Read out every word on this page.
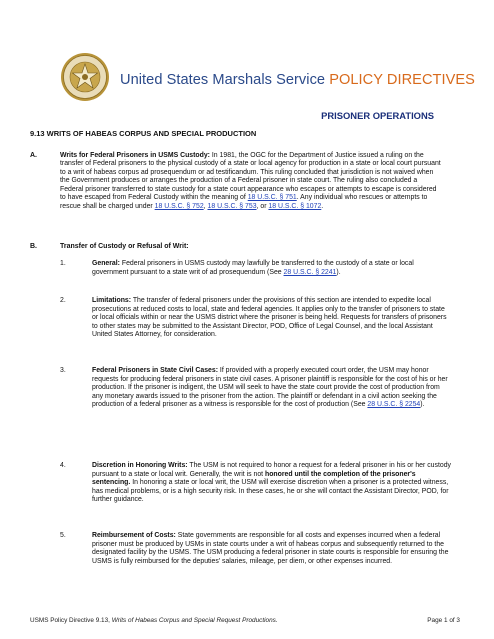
United States Marshals Service POLICY DIRECTIVES
PRISONER OPERATIONS
9.13 WRITS OF HABEAS CORPUS AND SPECIAL PRODUCTION
A.	Writs for Federal Prisoners in USMS Custody: In 1981, the OGC for the Department of Justice issued a ruling on the transfer of Federal prisoners to the physical custody of a state or local agency for production in a state or local court pursuant to a writ of habeas corpus ad prosequendum or ad testificandum. This ruling concluded that jurisdiction is not waived when the Government produces or arranges the production of a Federal prisoner in state court. The ruling also concluded a Federal prisoner transferred to state custody for a state court appearance who escapes or attempts to escape is considered to have escaped from Federal Custody within the meaning of 18 U.S.C. § 751. Any individual who rescues or attempts to rescue shall be charged under 18 U.S.C. § 752, 18 U.S.C. § 753, or 18 U.S.C. § 1072.
B.	Transfer of Custody or Refusal of Writ:
1.	General: Federal prisoners in USMS custody may lawfully be transferred to the custody of a state or local government pursuant to a state writ of ad prosequendum (See 28 U.S.C. § 2241).
2.	Limitations: The transfer of federal prisoners under the provisions of this section are intended to expedite local prosecutions at reduced costs to local, state and federal agencies. It applies only to the transfer of prisoners to state or local officials within or near the USMS district where the prisoner is being held. Requests for transfers of prisoners to other states may be submitted to the Assistant Director, POD, Office of Legal Counsel, and the local Assistant United States Attorney, for consideration.
3.	Federal Prisoners in State Civil Cases: If provided with a properly executed court order, the USM may honor requests for producing federal prisoners in state civil cases. A prisoner plaintiff is responsible for the cost of his or her production. If the prisoner is indigent, the USM will seek to have the state court provide the cost of production from any monetary awards issued to the prisoner from the action. The plaintiff or defendant in a civil action seeking the production of a federal prisoner as a witness is responsible for the cost of production (See 28 U.S.C. § 2254).
4.	Discretion in Honoring Writs: The USM is not required to honor a request for a federal prisoner in his or her custody pursuant to a state or local writ. Generally, the writ is not honored until the completion of the prisoner's sentencing. In honoring a state or local writ, the USM will exercise discretion when a prisoner is a protected witness, has medical problems, or is a high security risk. In these cases, he or she will contact the Assistant Director, POD, for further guidance.
5.	Reimbursement of Costs: State governments are responsible for all costs and expenses incurred when a federal prisoner must be produced by USMs in state courts under a writ of habeas corpus and subsequently returned to the designated facility by the USMS. The USM producing a federal prisoner in state courts is responsible for ensuring the USMS is fully reimbursed for the deputies' salaries, mileage, per diem, or other expenses incurred.
USMS Policy Directive 9.13, Writs of Habeas Corpus and Special Request Productions.	Page 1 of 3
